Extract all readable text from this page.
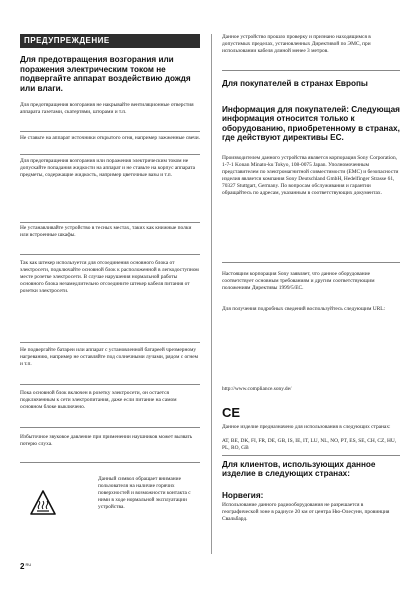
ПРЕДУПРЕЖДЕНИЕ
Для предотвращения возгорания или поражения электрическим током не подвергайте аппарат воздействию дождя или влаги.

Для предотвращения возгорания не накрывайте вентиляционные отверстия аппарата газетами, скатертями, шторами и т.п.

Не ставьте на аппарат источники открытого огня, например зажженные свечи.

Для предотвращения возгорания или поражения электрическим током не допускайте попадания жидкости на аппарат и не ставьте на корпус аппарата предметы, содержащие жидкость, например цветочные вазы и т.п.

Не устанавливайте устройство в тесных местах, таких как книжные полки или встроенные шкафы.

Так как штекер используется для отсоединения основного блока от электросети, подключайте основной блок к расположенной в легкодоступном месте розетке электросети. В случае нарушения нормальной работы основного блока незамедлительно отсоедините штекер кабеля питания от розетки электросети.

Не подвергайте батареи или аппарат с установленной батареей чрезмерному нагреванию, например не оставляйте под солнечными лучами, рядом с огнем и т.п.

Пока основной блок включен в розетку электросети, он остается подключенным к сети электропитания, даже если питание на самом основном блоке выключено.

Избыточное звуковое давление при применении наушников может вызвать потерю слуха.

Данный символ обращает внимание пользователя на наличие горячих поверхностей и возможности контакта с ними в ходе нормальной эксплуатации устройства.

Данное устройство прошло проверку и признано находящимся в допустимых пределах, установленных Директивой по ЭМС, при использовании кабеля длиной менее 3 метров.

Для покупателей в странах Европы
Информация для покупателей: Следующая информация относится только к оборудованию, приобретенному в странах, где действуют директивы ЕС.

Производителем данного устройства является корпорация Sony Corporation, 1-7-1 Konan Minato-ku Tokyo, 108-0075 Japan. Уполномоченным представителем по электромагнитной совместимости (ЕМС) и безопасности изделия является компания Sony Deutschland GmbH, Hedelfinger Strasse 61, 70327 Stuttgart, Germany. По вопросам обслуживания и гарантии обращайтесь по адресам, указанным в соответствующих документах.

Настоящим корпорация Sony заявляет, что данное оборудование соответствует основным требованиям и другим соответствующим положениям Директивы 1999/5/EC.

Для получения подробных сведений воспользуйтесь следующим URL:

http://www.compliance.sony.de/

CE

Данное изделие предназначено для использования в следующих странах:

AT, BE, DK, FI, FR, DE, GB, IS, IE, IT, LU, NL, NO, PT, ES, SE, CH, CZ, HU, PL, RO, GB

Для клиентов, использующих данное изделие в следующих странах:
Норвегия:

Использование данного радиооборудования не разрешается в географической зоне в радиусе 20 км от центра Ню-Олесунн, провинция Свальбард.

$2^{RU}$
